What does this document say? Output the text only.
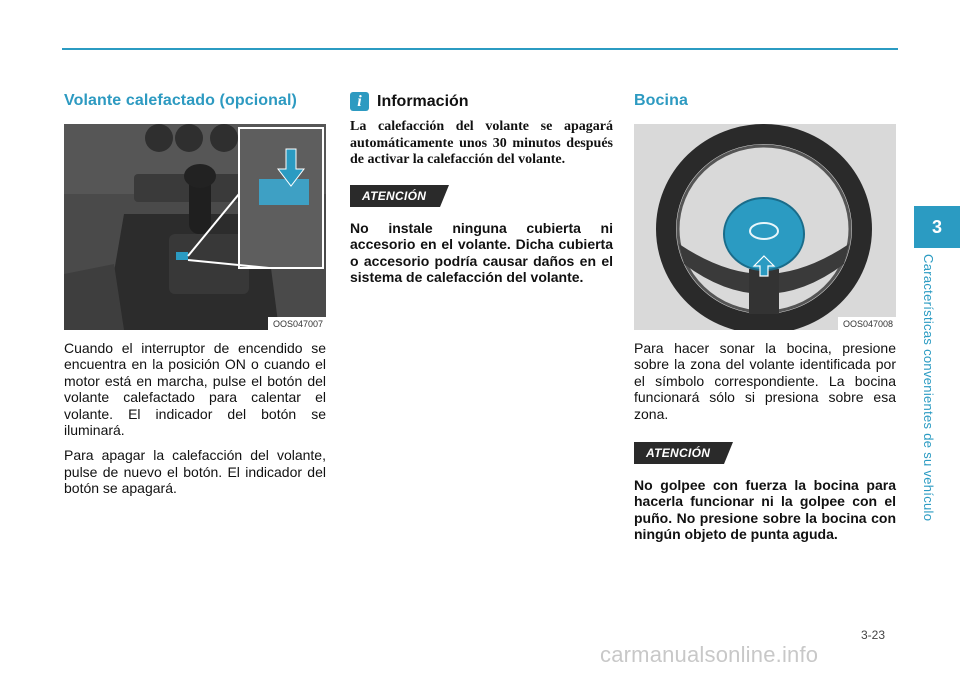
Volante calefactado (opcional)
OOS047007

Cuando el interruptor de encendido se encuentra en la posición ON o cuando el motor está en marcha, pulse el botón del volante calefactado para calentar el volante. El indicador del botón se iluminará.

Para apagar la calefacción del volante, pulse de nuevo el botón. El indicador del botón se apagará.

i Información

La calefacción del volante se apagará automáticamente unos 30 minutos después de activar la calefacción del volante.

ATENCIÓN

No instale ninguna cubierta ni accesorio en el volante. Dicha cubierta o accesorio podría causar daños en el sistema de calefacción del volante.

Bocina
OOS047008

Para hacer sonar la bocina, presione sobre la zona del volante identificada por el símbolo correspondiente. La bocina funcionará sólo si presiona sobre esa zona.

ATENCIÓN

No golpee con fuerza la bocina para hacerla funcionar ni la golpee con el puño. No presione sobre la bocina con ningún objeto de punta aguda.

3
Características convenientes de su vehículo
3-23
carmanualsonline.info
